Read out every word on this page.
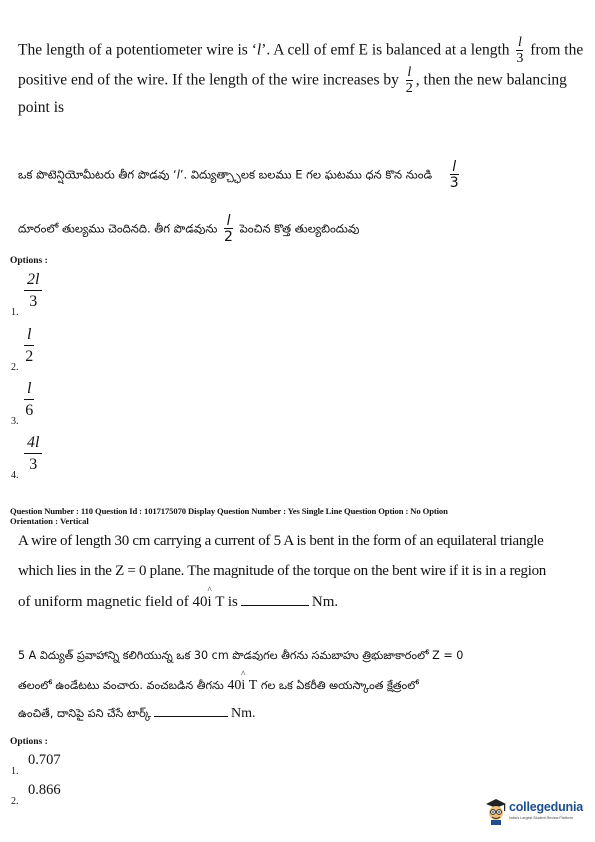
The length of a potentiometer wire is ‘l’. A cell of emf E is balanced at a length $\frac{l}{3}$ from the
positive end of the wire. If the length of the wire increases by $\frac{l}{2}$ , then the new balancing
point is
ఒక పొటెన్షియోమీటరు తీగ పొడవు ‘l’. విద్యుత్చ్ఛాలక బలము E గల ఘటము ధన కొన నుండి $\frac{l}{3}$
దూరంలో తుల్యము చెందినది. తీగ పొడవును $\frac{l}{2}$ పెంచిన కొత్త తుల్యబిందువు
Options :
1.
$\frac{2l}{3}$
2.
$\frac{l}{2}$
3.
$\frac{l}{6}$
4.
$\frac{4l}{3}$
Question Number : 110 Question Id : 1017175070 Display Question Number : Yes Single Line Question Option : No Option
Orientation : Vertical
A wire of length 30 cm carrying a current of 5 A is bent in the form of an equilateral triangle
which lies in the Z = 0 plane. The magnitude of the torque on the bent wire if it is in a region
of uniform magnetic field of 40i
^
T is	Nm.
5 A విద్యుత్ ప్రవాహాన్ని కలిగియున్న ఒక 30 cm పొడవుగల తీగను సమబాహు త్రిభుజాకారంలో Z = 0
తలంలో ఉండేటటు వంచారు. వంచబడిన తీగను 40i
^
T గల ఒక ఏకరీతి అయస్కాంత క్షేత్రంలో
ఉంచితే, దానిపై పని చేసే టార్క్	Nm.
Options :
1.
0.707
2.
0.866
collegedunia
India's Largest Student Review Platform
